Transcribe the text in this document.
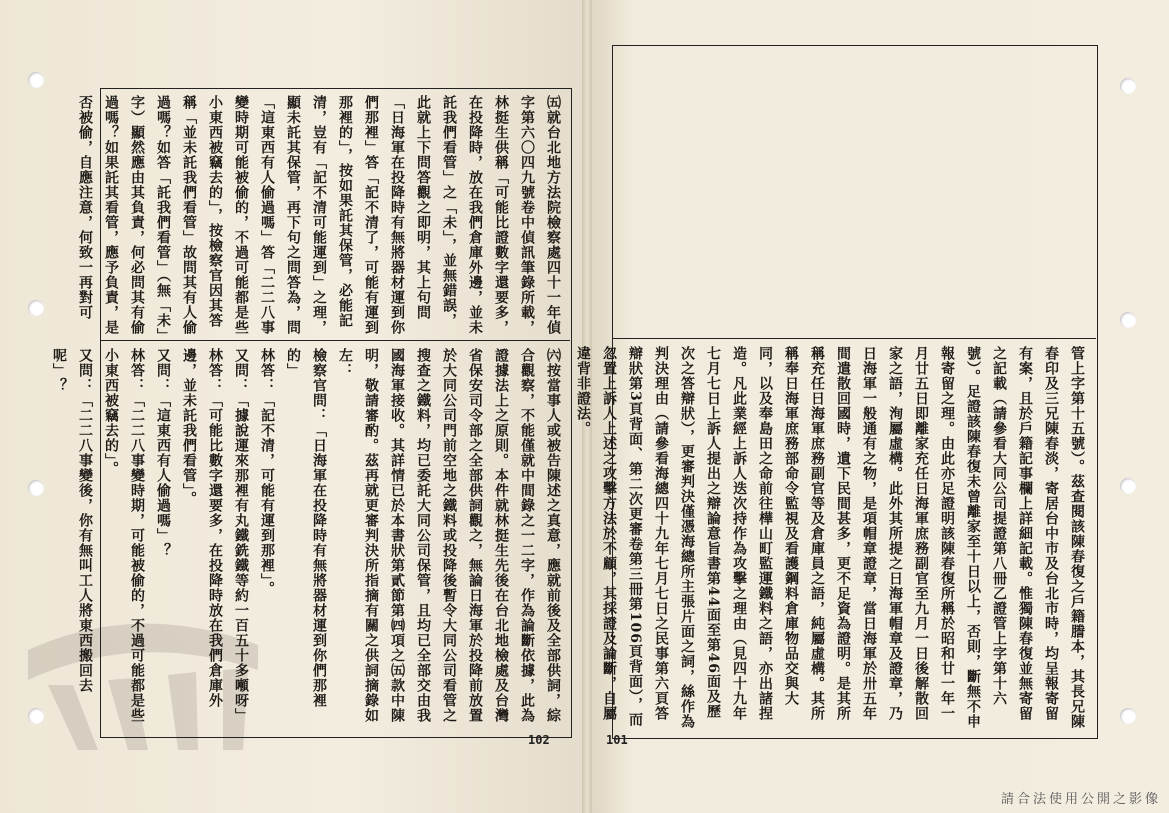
㈤就台北地方法院檢察處四十一年偵字第六〇四九號卷中偵訊筆錄所載，林挺生供稱「可能比證數字還要多，在投降時，放在我們倉庫外邊，並未託我們看管」之「未」，並無錯誤，此就上下問答觀之即明，其上句問「日海軍在投降時有無將器材運到你們那裡」答「記不清了，可能有運到那裡的」，按如果託其保管，必能記清，豈有「記不清可能運到」之理，顯未託其保管，再下句之問答為，問「這東西有人偷過嗎」答「二二八事變時期可能被偷的，不過可能都是些小東西被竊去的」，按檢察官因其答稱「並未託我們看管」故問其有人偷過嗎？如答「託我們看管」（無「未」字）顯然應由其負責，何必問其有偷過嗎？如果託其看管，應予負責，是否被偷，自應注意，何致一再對可
㈥按當事人或被告陳述之真意，應就前後及全部供詞，綜合觀察，不能僅就中間錄之一二字，作為論斷依據，此為證據法上之原則。本件就林挺生先後在台北地檢處及台灣省保安司令部之全部供詞觀之，無論日海軍於投降前放置於大同公司門前空地之鐵料或投降後暫令大同公司看管之搜查之鐵料，均已委託大同公司保管，且均已全部交由我國海軍接收。其詳情已於本書狀第貳節第㈣項之㈤款中陳明，敬請審酌。茲再就更審判決所指摘有關之供詞摘錄如左：
檢察官問：「日海軍在投降時有無將器材運到你們那裡的」
林答：「記不清，可能有運到那裡」。
又問：「據說運來那裡有丸鐵銑鐵等約一百五十多噸呀」
林答：「可能比數字還要多，在投降時放在我們倉庫外邊，並未託我們看管」。
又問：「這東西有人偷過嗎」？
林答：「二二八事變時期，可能被偷的，不過可能都是些小東西被竊去的」。
又問：「二二八事變後，你有無叫工人將東西搬回去呢」？
102
管上字第十五號）。茲查閱該陳春復之戶籍謄本，其長兄陳春印及三兄陳春淡，寄居台中市及台北市時，均呈報寄留有案，且於戶籍記事欄上詳細記載。惟獨陳春復並無寄留之記載（請參看大同公司提證第八冊乙證管上字第十六號）。足證該陳春復未曾離家至十日以上，否則，斷無不申報寄留之理。由此亦足證明該陳春復所稱於昭和廿一年一月廿五日即離家充任日海軍庶務副官至九月一日後解散回家之語，洵屬虛構。此外其所提之日海軍帽章及證章，乃日海軍一般通有之物，是項帽章證章，當日海軍於卅五年間遣散回國時，遺下民間甚多，更不足資為證明。是其所稱充任日海軍庶務副官等及倉庫員之語，純屬虛構。其所稱奉日海軍庶務部命令監視及看護鋼料倉庫物品交與大同，以及奉島田之命前往樺山町監運鐵料之語，亦出諸捏造。凡此業經上訴人迭次持作為攻擊之理由（見四十九年七月七日上訴人提出之辯論意旨書第44面至第46面及歷次之答辯狀），更審判決僅憑海總所主張片面之詞，絲作為判決理由（請參看海總四十九年七月七日之民事第六頁答辯狀第3頁背面、第二次更審卷第三冊第106頁背面），而忽置上訴人上述之攻擊方法於不顧，其採證及論斷，自屬違背非證法。
101
請合法使用公開之影像
